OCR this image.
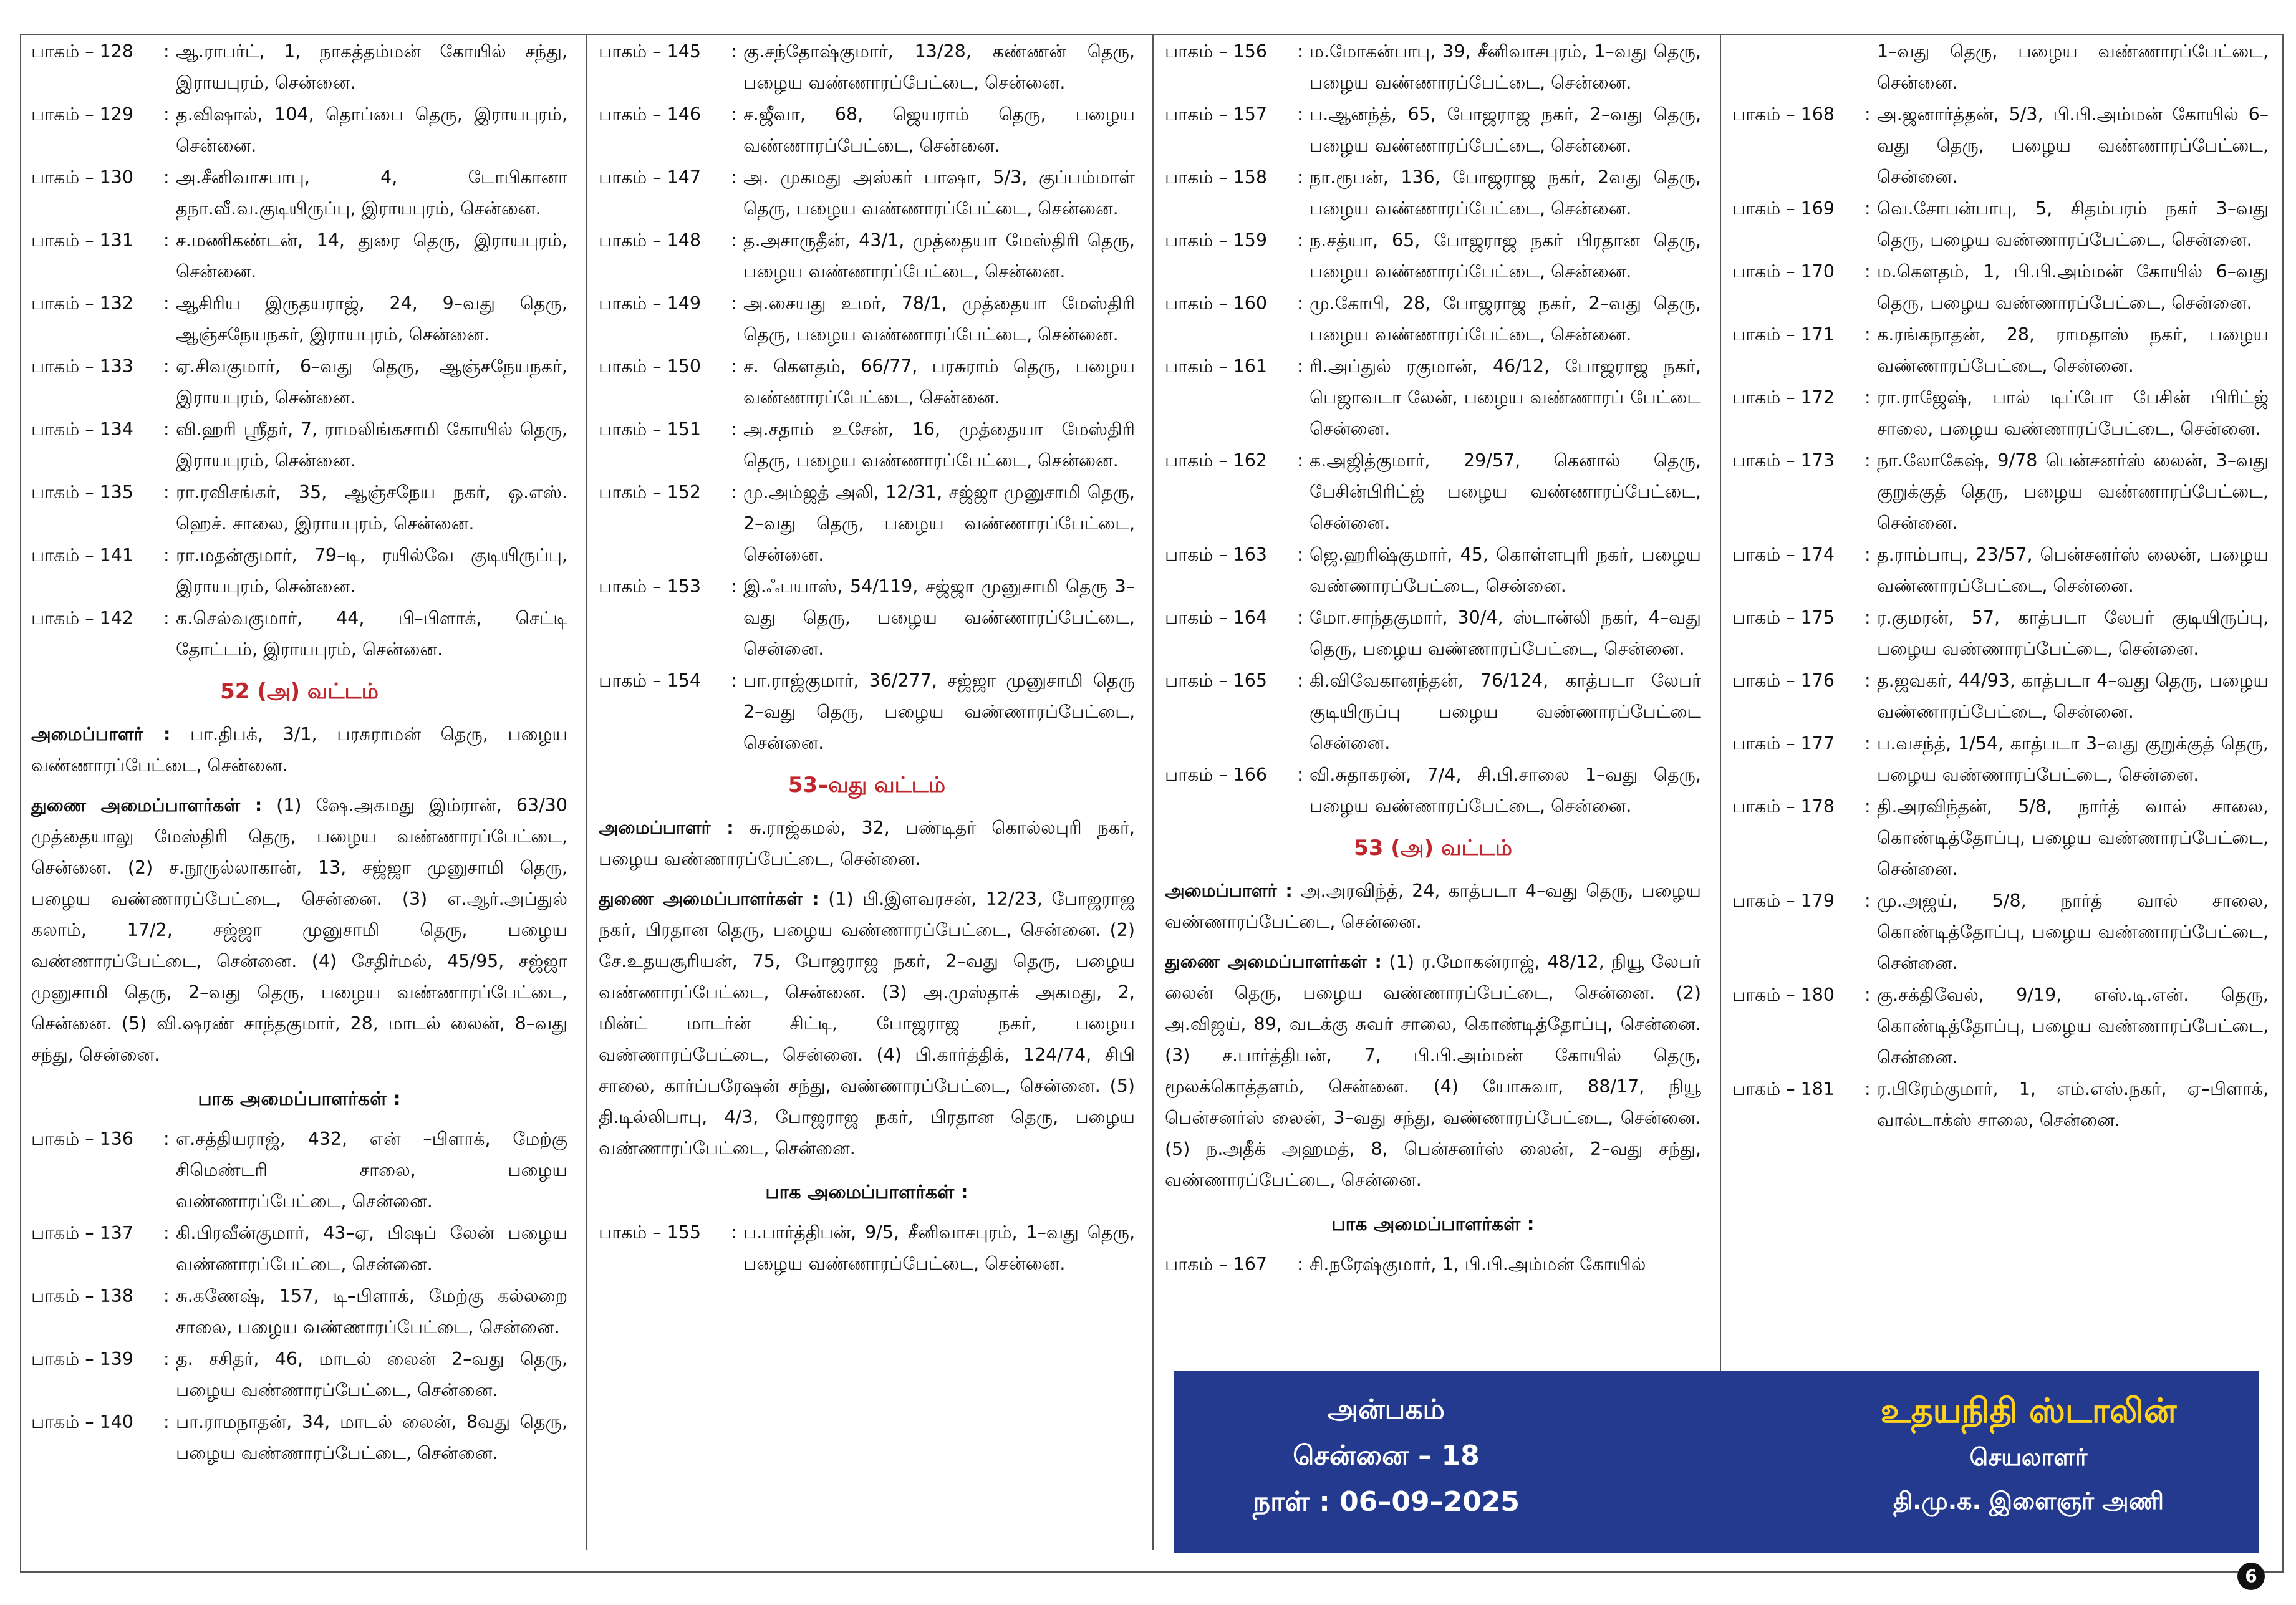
பாகம் – 128	: ஆ.ராபர்ட், 1, நாகத்தம்மன் கோயில் சந்து, இராயபுரம், சென்னை.
பாகம் – 129	: த.விஷால், 104, தொப்பை தெரு, இராயபுரம், சென்னை.
பாகம் – 130	: அ.சீனிவாசபாபு, 4, டோபிகானா தநா.வீ.வ.குடியிருப்பு, இராயபுரம், சென்னை.
பாகம் – 131	: ச.மணிகண்டன், 14, துரை தெரு, இராயபுரம், சென்னை.
பாகம் – 132	: ஆசிரிய இருதயராஜ், 24, 9–வது தெரு, ஆஞ்சநேயநகர், இராயபுரம், சென்னை.
பாகம் – 133	: ஏ.சிவகுமார், 6–வது தெரு, ஆஞ்சநேயநகர், இராயபுரம், சென்னை.
பாகம் – 134	: வி.ஹரி ஸ்ரீதர், 7, ராமலிங்கசாமி கோயில் தெரு, இராயபுரம், சென்னை.
பாகம் – 135	: ரா.ரவிசங்கர், 35, ஆஞ்சநேய நகர், ஒ.எஸ். ஹெச். சாலை, இராயபுரம், சென்னை.
பாகம் – 141	: ரா.மதன்குமார், 79–டி, ரயில்வே குடியிருப்பு, இராயபுரம், சென்னை.
பாகம் – 142	: க.செல்வகுமார், 44, பி–பிளாக், செட்டி தோட்டம், இராயபுரம், சென்னை.
52 (அ) வட்டம்
அமைப்பாளர் : பா.திபக், 3/1, பரசுராமன் தெரு, பழைய வண்ணாரப்பேட்டை, சென்னை.
துணை அமைப்பாளர்கள் : (1) ஷே.அகமது இம்ரான், 63/30 முத்தையாலு மேஸ்திரி தெரு, பழைய வண்ணாரப்பேட்டை, சென்னை. (2) ச.நூருல்லாகான், 13, சஜ்ஜா முனுசாமி தெரு, பழைய வண்ணாரப்பேட்டை, சென்னை. (3) எ.ஆர்.அப்துல் கலாம், 17/2, சஜ்ஜா முனுசாமி தெரு, பழைய வண்ணாரப்பேட்டை, சென்னை. (4) சேதிர்மல், 45/95, சஜ்ஜா முனுசாமி தெரு, 2–வது தெரு, பழைய வண்ணாரப்பேட்டை, சென்னை. (5) வி.ஷரண் சாந்தகுமார், 28, மாடல் லைன், 8–வது சந்து, சென்னை.
பாக அமைப்பாளர்கள் :
பாகம் – 136	: எ.சத்தியராஜ், 432, என் –பிளாக், மேற்கு சிமெண்டரி சாலை, பழைய வண்ணாரப்பேட்டை, சென்னை.
பாகம் – 137	: கி.பிரவீன்குமார், 43–ஏ, பிஷப் லேன் பழைய வண்ணாரப்பேட்டை, சென்னை.
பாகம் – 138	: சு.கணேஷ், 157, டி–பிளாக், மேற்கு கல்லறை சாலை, பழைய வண்ணாரப்பேட்டை, சென்னை.
பாகம் – 139	: த. சசிதர், 46, மாடல் லைன் 2–வது தெரு, பழைய வண்ணாரப்பேட்டை, சென்னை.
பாகம் – 140	: பா.ராமநாதன், 34, மாடல் லைன், 8வது தெரு, பழைய வண்ணாரப்பேட்டை, சென்னை.
பாகம் – 145	: கு.சந்தோஷ்குமார், 13/28, கண்ணன் தெரு, பழைய வண்ணாரப்பேட்டை, சென்னை.
பாகம் – 146	: ச.ஜீவா, 68, ஜெயராம் தெரு, பழைய வண்ணாரப்பேட்டை, சென்னை.
பாகம் – 147	: அ. முகமது அஸ்கர் பாஷா, 5/3, குப்பம்மாள் தெரு, பழைய வண்ணாரப்பேட்டை, சென்னை.
பாகம் – 148	: த.அசாருதீன், 43/1, முத்தையா மேஸ்திரி தெரு, பழைய வண்ணாரப்பேட்டை, சென்னை.
பாகம் – 149	: அ.சையது உமர், 78/1, முத்தையா மேஸ்திரி தெரு, பழைய வண்ணாரப்பேட்டை, சென்னை.
பாகம் – 150	: ச. கௌதம், 66/77, பரசுராம் தெரு, பழைய வண்ணாரப்பேட்டை, சென்னை.
பாகம் – 151	: அ.சதாம் உசேன், 16, முத்தையா மேஸ்திரி தெரு, பழைய வண்ணாரப்பேட்டை, சென்னை.
பாகம் – 152	: மு.அம்ஜத் அலி, 12/31, சஜ்ஜா முனுசாமி தெரு, 2–வது தெரு, பழைய வண்ணாரப்பேட்டை, சென்னை.
பாகம் – 153	: இ.ஃபயாஸ், 54/119, சஜ்ஜா முனுசாமி தெரு 3–வது தெரு, பழைய வண்ணாரப்பேட்டை, சென்னை.
பாகம் – 154	: பா.ராஜ்குமார், 36/277, சஜ்ஜா முனுசாமி தெரு 2–வது தெரு, பழைய வண்ணாரப்பேட்டை, சென்னை.
53–வது வட்டம்
அமைப்பாளர் : சு.ராஜ்கமல், 32, பண்டிதர் கொல்லபுரி நகர், பழைய வண்ணாரப்பேட்டை, சென்னை.
துணை அமைப்பாளர்கள் : (1) பி.இளவரசன், 12/23, போஜராஜ நகர், பிரதான தெரு, பழைய வண்ணாரப்பேட்டை, சென்னை. (2) சே.உதயசூரியன், 75, போஜராஜ நகர், 2–வது தெரு, பழைய வண்ணாரப்பேட்டை, சென்னை. (3) அ.முஸ்தாக் அகமது, 2, மின்ட் மாடர்ன் சிட்டி, போஜராஜ நகர், பழைய வண்ணாரப்பேட்டை, சென்னை. (4) பி.கார்த்திக், 124/74, சிபி சாலை, கார்ப்பரேஷன் சந்து, வண்ணாரப்பேட்டை, சென்னை. (5) தி.டில்லிபாபு, 4/3, போஜராஜ நகர், பிரதான தெரு, பழைய வண்ணாரப்பேட்டை, சென்னை.
பாக அமைப்பாளர்கள் :
பாகம் – 155	: ப.பார்த்திபன், 9/5, சீனிவாசபுரம், 1–வது தெரு, பழைய வண்ணாரப்பேட்டை, சென்னை.
பாகம் – 156	: ம.மோகன்பாபு, 39, சீனிவாசபுரம், 1–வது தெரு, பழைய வண்ணாரப்பேட்டை, சென்னை.
பாகம் – 157	: ப.ஆனந்த், 65, போஜராஜ நகர், 2–வது தெரு, பழைய வண்ணாரப்பேட்டை, சென்னை.
பாகம் – 158	: நா.ரூபன், 136, போஜராஜ நகர், 2வது தெரு, பழைய வண்ணாரப்பேட்டை, சென்னை.
பாகம் – 159	: ந.சத்யா, 65, போஜராஜ நகர் பிரதான தெரு, பழைய வண்ணாரப்பேட்டை, சென்னை.
பாகம் – 160	: மு.கோபி, 28, போஜராஜ நகர், 2–வது தெரு, பழைய வண்ணாரப்பேட்டை, சென்னை.
பாகம் – 161	: ரி.அப்துல் ரகுமான், 46/12, போஜராஜ நகர், பெஜாவடா லேன், பழைய வண்ணாரப் பேட்டை சென்னை.
பாகம் – 162	: க.அஜித்குமார், 29/57, கெனால் தெரு, பேசின்பிரிட்ஜ் பழைய வண்ணாரப்பேட்டை, சென்னை.
பாகம் – 163	: ஜெ.ஹரிஷ்குமார், 45, கொள்ளபுரி நகர், பழைய வண்ணாரப்பேட்டை, சென்னை.
பாகம் – 164	: மோ.சாந்தகுமார், 30/4, ஸ்டான்லி நகர், 4–வது தெரு, பழைய வண்ணாரப்பேட்டை, சென்னை.
பாகம் – 165	: கி.விவேகானந்தன், 76/124, காத்படா லேபர் குடியிருப்பு பழைய வண்ணாரப்பேட்டை சென்னை.
பாகம் – 166	: வி.சுதாகரன், 7/4, சி.பி.சாலை 1–வது தெரு, பழைய வண்ணாரப்பேட்டை, சென்னை.
53 (அ) வட்டம்
அமைப்பாளர் : அ.அரவிந்த், 24, காத்படா 4–வது தெரு, பழைய வண்ணாரப்பேட்டை, சென்னை.
துணை அமைப்பாளர்கள் : (1) ர.மோகன்ராஜ், 48/12, நியூ லேபர் லைன் தெரு, பழைய வண்ணாரப்பேட்டை, சென்னை. (2) அ.விஜய், 89, வடக்கு சுவர் சாலை, கொண்டித்தோப்பு, சென்னை. (3) ச.பார்த்திபன், 7, பி.பி.அம்மன் கோயில் தெரு, மூலக்கொத்தளம், சென்னை. (4) யோசுவா, 88/17, நியூ பென்சனர்ஸ் லைன், 3–வது சந்து, வண்ணாரப்பேட்டை, சென்னை. (5) ந.அதீக் அஹமத், 8, பென்சனர்ஸ் லைன், 2–வது சந்து, வண்ணாரப்பேட்டை, சென்னை.
பாக அமைப்பாளர்கள் :
பாகம் – 167	: சி.நரேஷ்குமார், 1, பி.பி.அம்மன் கோயில்
1–வது தெரு, பழைய வண்ணாரப்பேட்டை, சென்னை.
பாகம் – 168	: அ.ஜனார்த்தன், 5/3, பி.பி.அம்மன் கோயில் 6–வது தெரு, பழைய வண்ணாரப்பேட்டை, சென்னை.
பாகம் – 169	: வெ.சோபன்பாபு, 5, சிதம்பரம் நகர் 3–வது தெரு, பழைய வண்ணாரப்பேட்டை, சென்னை.
பாகம் – 170	: ம.கௌதம், 1, பி.பி.அம்மன் கோயில் 6–வது தெரு, பழைய வண்ணாரப்பேட்டை, சென்னை.
பாகம் – 171	: க.ரங்கநாதன், 28, ராமதாஸ் நகர், பழைய வண்ணாரப்பேட்டை, சென்னை.
பாகம் – 172	: ரா.ராஜேஷ், பால் டிப்போ பேசின் பிரிட்ஜ் சாலை, பழைய வண்ணாரப்பேட்டை, சென்னை.
பாகம் – 173	: நா.லோகேஷ், 9/78 பென்சனர்ஸ் லைன், 3–வது குறுக்குத் தெரு, பழைய வண்ணாரப்பேட்டை, சென்னை.
பாகம் – 174	: த.ராம்பாபு, 23/57, பென்சனர்ஸ் லைன், பழைய வண்ணாரப்பேட்டை, சென்னை.
பாகம் – 175	: ர.குமரன், 57, காத்படா லேபர் குடியிருப்பு, பழைய வண்ணாரப்பேட்டை, சென்னை.
பாகம் – 176	: த.ஜவகர், 44/93, காத்படா 4–வது தெரு, பழைய வண்ணாரப்பேட்டை, சென்னை.
பாகம் – 177	: ப.வசந்த், 1/54, காத்படா 3–வது குறுக்குத் தெரு, பழைய வண்ணாரப்பேட்டை, சென்னை.
பாகம் – 178	: தி.அரவிந்தன், 5/8, நார்த் வால் சாலை, கொண்டித்தோப்பு, பழைய வண்ணாரப்பேட்டை, சென்னை.
பாகம் – 179	: மு.அஜய், 5/8, நார்த் வால் சாலை, கொண்டித்தோப்பு, பழைய வண்ணாரப்பேட்டை, சென்னை.
பாகம் – 180	: கு.சக்திவேல், 9/19, எஸ்.டி.என். தெரு, கொண்டித்தோப்பு, பழைய வண்ணாரப்பேட்டை, சென்னை.
பாகம் – 181	: ர.பிரேம்குமார், 1, எம்.எஸ்.நகர், ஏ–பிளாக், வால்டாக்ஸ் சாலை, சென்னை.
அன்பகம்
சென்னை – 18
நாள் : 06–09–2025
உதயநிதி ஸ்டாலின்
செயலாளர்
தி.மு.க. இளைஞர் அணி
6
